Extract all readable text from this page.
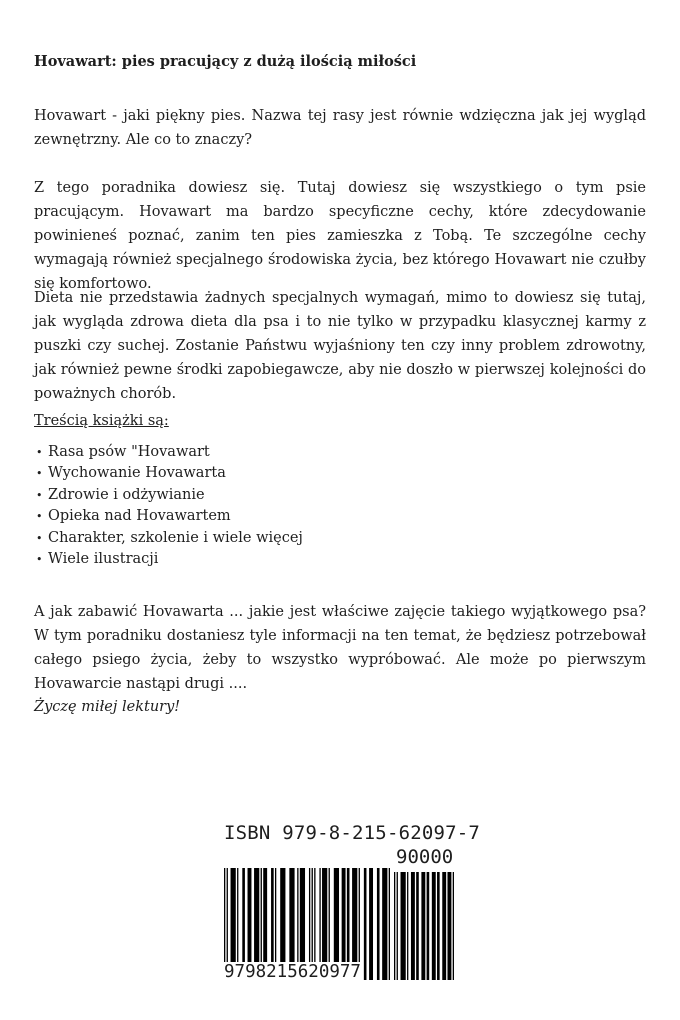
Hovawart: pies pracujący z dużą ilością miłości

Hovawart - jaki piękny pies. Nazwa tej rasy jest równie wdzięczna jak jej wygląd zewnętrzny. Ale co to znaczy?

Z tego poradnika dowiesz się. Tutaj dowiesz się wszystkiego o tym psie pracującym. Hovawart ma bardzo specyficzne cechy, które zdecydowanie powinieneś poznać, zanim ten pies zamieszka z Tobą. Te szczególne cechy wymagają również specjalnego środowiska życia, bez którego Hovawart nie czułby się komfortowo.

Dieta nie przedstawia żadnych specjalnych wymagań, mimo to dowiesz się tutaj, jak wygląda zdrowa dieta dla psa i to nie tylko w przypadku klasycznej karmy z puszki czy suchej. Zostanie Państwu wyjaśniony ten czy inny problem zdrowotny, jak również pewne środki zapobiegawcze, aby nie doszło w pierwszej kolejności do poważnych chorób.

Treścią książki są:

• Rasa psów "Hovawart
• Wychowanie Hovawarta
• Zdrowie i odżywianie
• Opieka nad Hovawartem
• Charakter, szkolenie i wiele więcej
• Wiele ilustracji

A jak zabawić Hovawarta ... jakie jest właściwe zajęcie takiego wyjątkowego psa? W tym poradniku dostaniesz tyle informacji na ten temat, że będziesz potrzebował całego psiego życia, żeby to wszystko wypróbować. Ale może po pierwszym Hovawarcie nastąpi drugi ....

Życzę miłej lektury!

ISBN 979-8-215-62097-7
90000
9798215620977
